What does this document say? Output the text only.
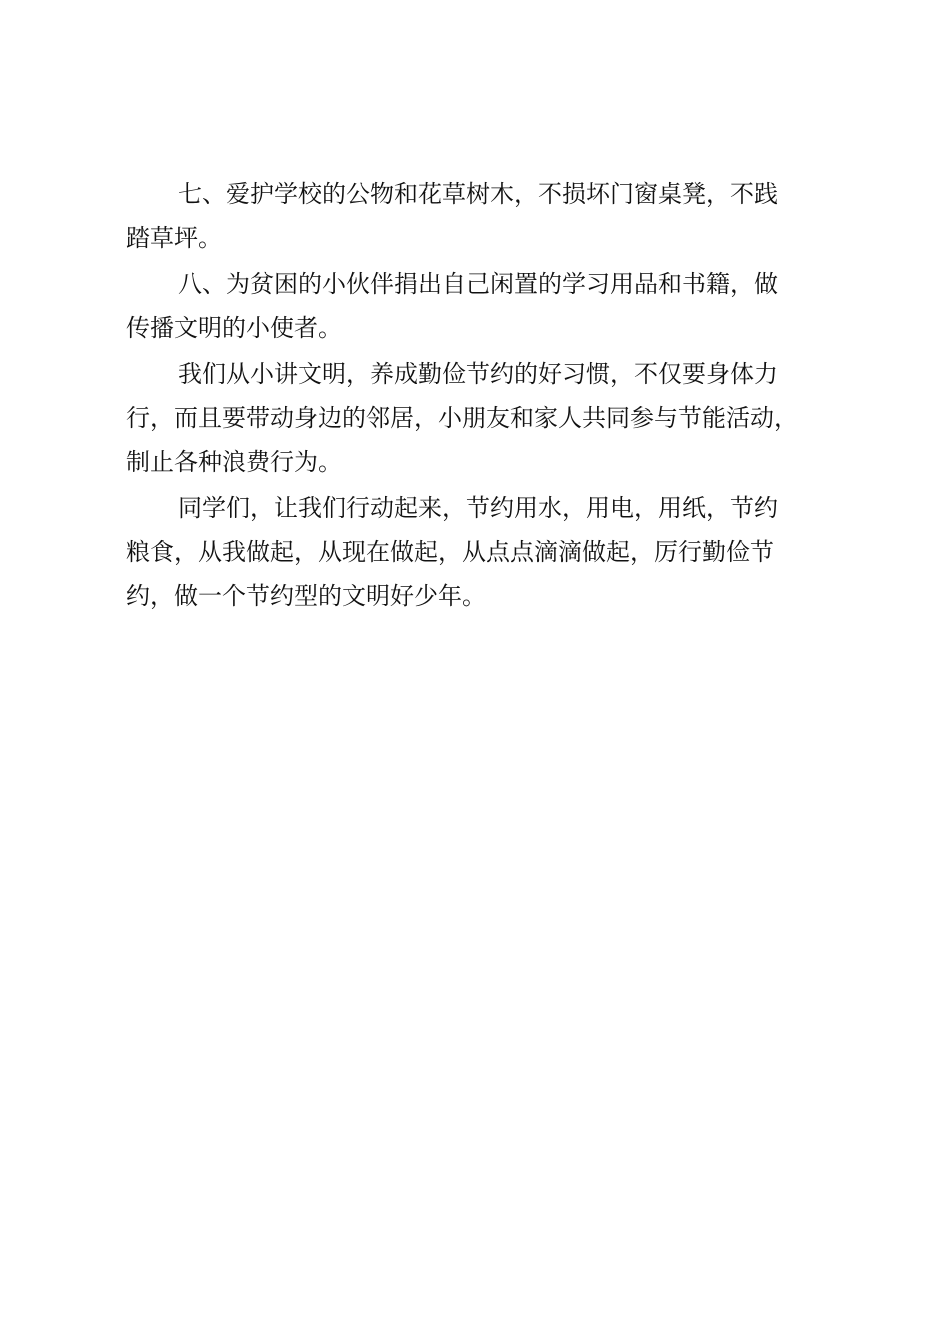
七、爱护学校的公物和花草树木，不损坏门窗桌凳，不践
踏草坪。

八、为贫困的小伙伴捐出自己闲置的学习用品和书籍，做
传播文明的小使者。

我们从小讲文明，养成勤俭节约的好习惯，不仅要身体力
行，而且要带动身边的邻居，小朋友和家人共同参与节能活动，
制止各种浪费行为。

同学们，让我们行动起来，节约用水，用电，用纸，节约
粮食，从我做起，从现在做起，从点点滴滴做起，厉行勤俭节
约，做一个节约型的文明好少年。
